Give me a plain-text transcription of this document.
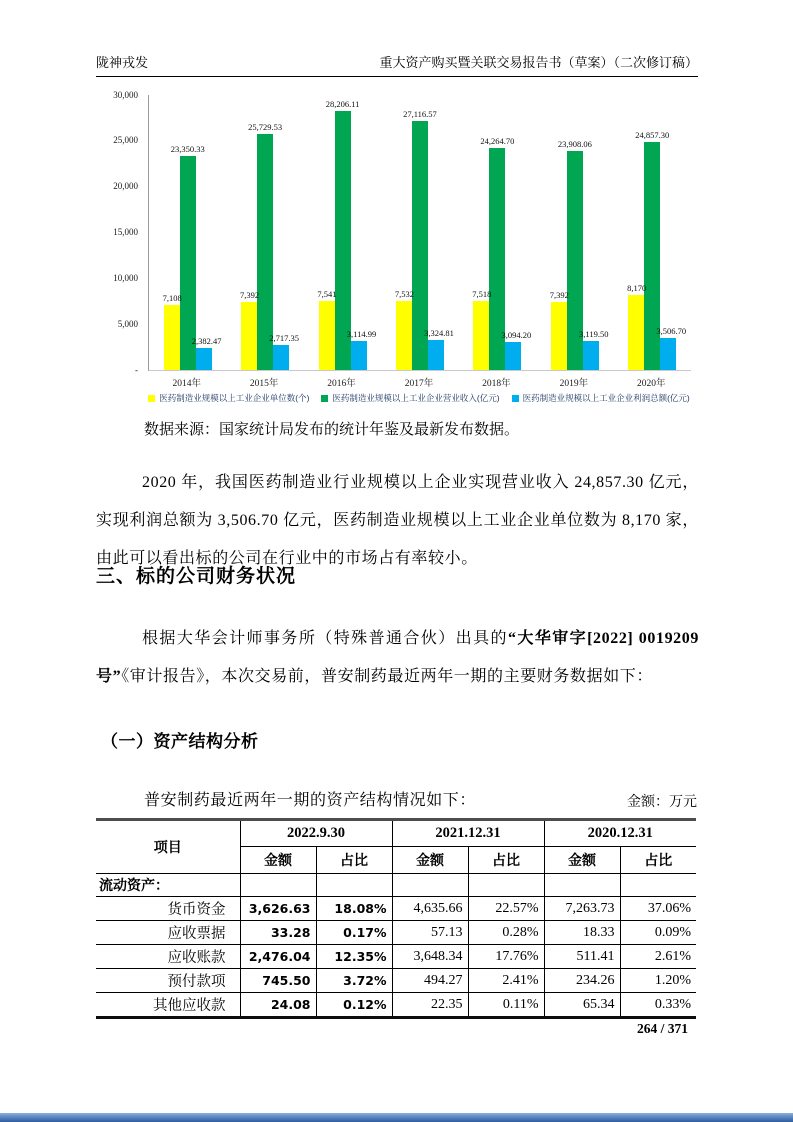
陇神戎发	重大资产购买暨关联交易报告书（草案）（二次修订稿）
30,000
25,000
20,000
15,000
10,000
5,000
-
7,108
23,350.33
2,382.47
7,392
25,729.53
2,717.35
7,541
28,206.11
3,114.99
7,532
27,116.57
3,324.81
7,518
24,264.70
3,094.20
7,392
23,908.06
3,119.50
8,170
24,857.30
3,506.70
2014年	2015年	2016年	2017年	2018年	2019年	2020年
医药制造业规模以上工业企业单位数(个)	医药制造业规模以上工业企业营业收入(亿元)	医药制造业规模以上工业企业利润总额(亿元)
数据来源：国家统计局发布的统计年鉴及最新发布数据。

2020 年，我国医药制造业行业规模以上企业实现营业收入 24,857.30 亿元，实现利润总额为 3,506.70 亿元，医药制造业规模以上工业企业单位数为 8,170 家，由此可以看出标的公司在行业中的市场占有率较小。

三、标的公司财务状况

根据大华会计师事务所（特殊普通合伙）出具的“大华审字[2022] 0019209 号”《审计报告》，本次交易前，普安制药最近两年一期的主要财务数据如下：

（一）资产结构分析

普安制药最近两年一期的资产结构情况如下：	金额：万元
项目	2022.9.30		2021.12.31		2020.12.31	
	金额	占比	金额	占比	金额	占比
流动资产：						
货币资金	3,626.63	18.08%	4,635.66	22.57%	7,263.73	37.06%
应收票据	33.28	0.17%	57.13	0.28%	18.33	0.09%
应收账款	2,476.04	12.35%	3,648.34	17.76%	511.41	2.61%
预付款项	745.50	3.72%	494.27	2.41%	234.26	1.20%
其他应收款	24.08	0.12%	22.35	0.11%	65.34	0.33%
264 / 371
